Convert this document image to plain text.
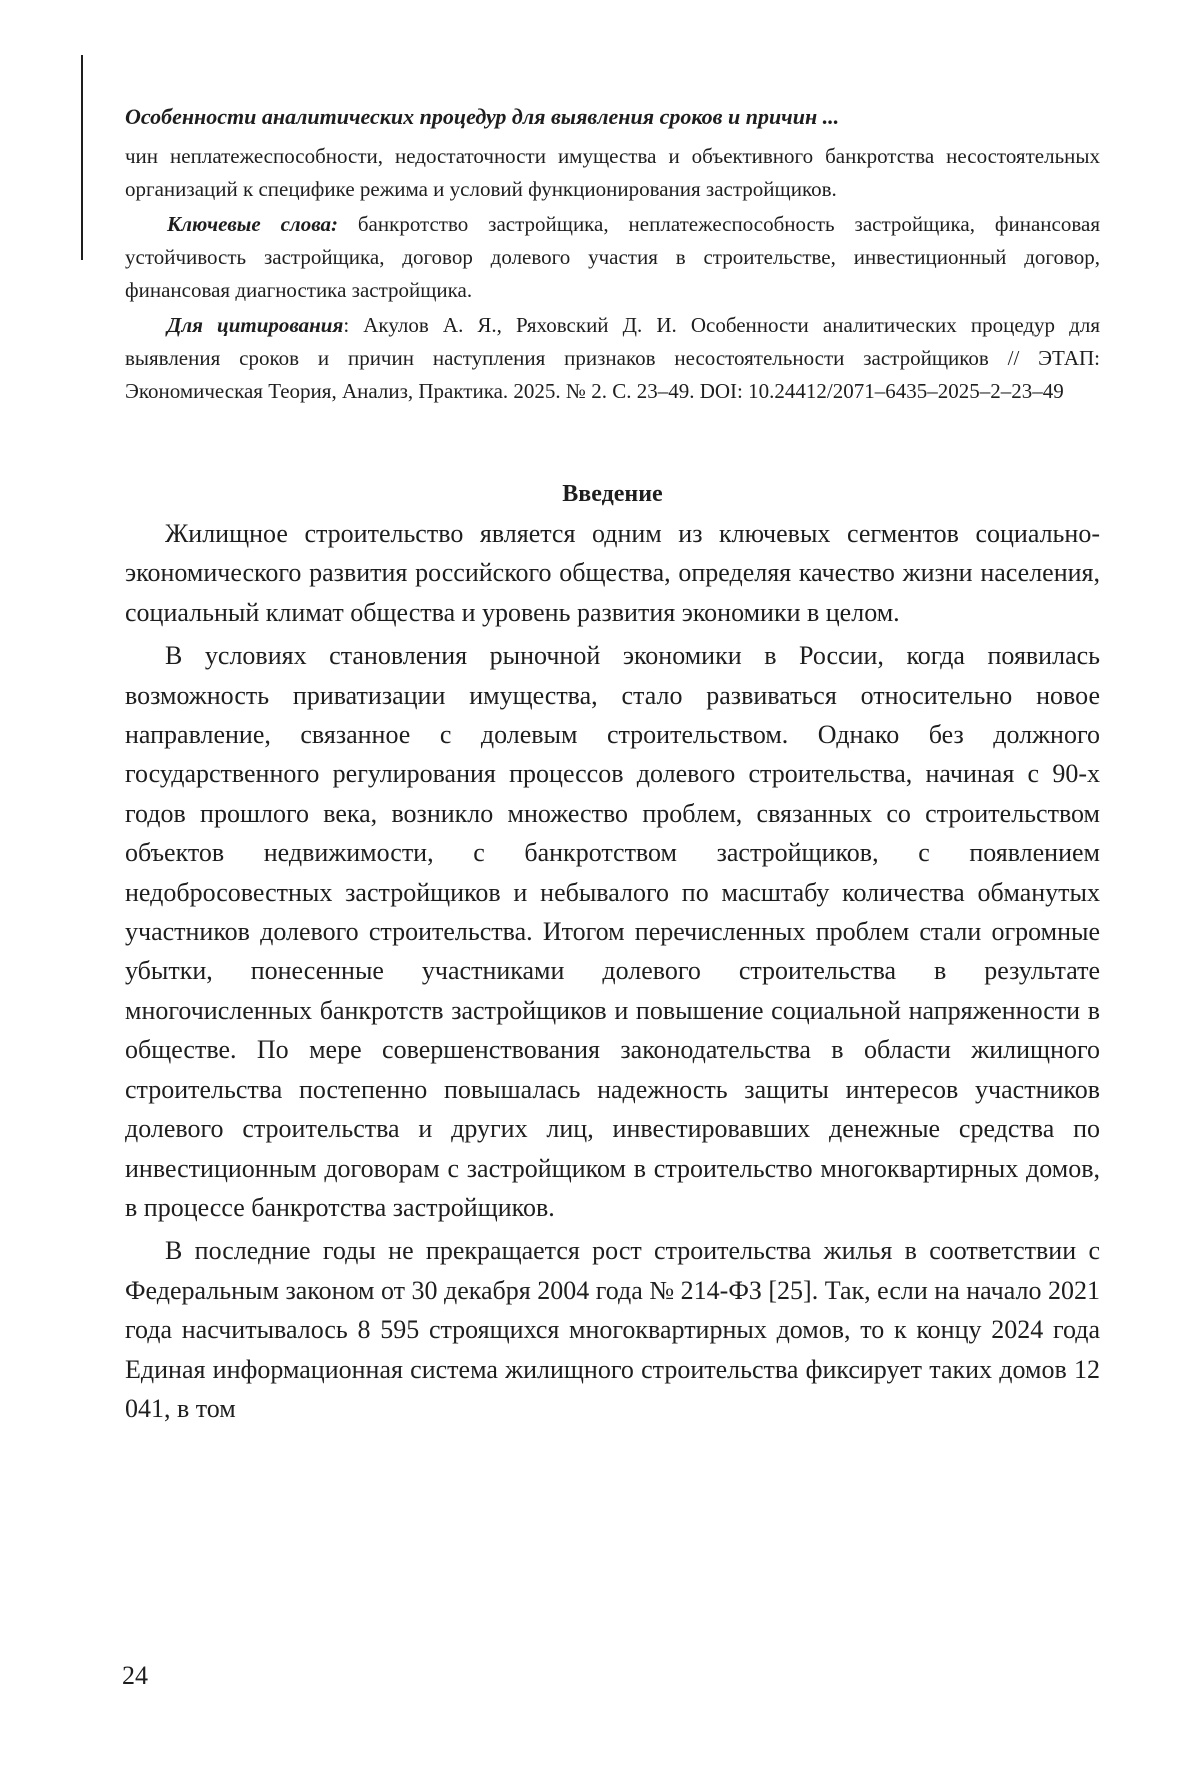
Особенности аналитических процедур для выявления сроков и причин ...

чин неплатежеспособности, недостаточности имущества и объективного банкротства несостоятельных организаций к специфике режима и условий функционирования застройщиков.

Ключевые слова: банкротство застройщика, неплатежеспособность застройщика, финансовая устойчивость застройщика, договор долевого участия в строительстве, инвестиционный договор, финансовая диагностика застройщика.

Для цитирования: Акулов А. Я., Ряховский Д. И. Особенности аналитических процедур для выявления сроков и причин наступления признаков несостоятельности застройщиков // ЭТАП: Экономическая Теория, Анализ, Практика. 2025. № 2. С. 23–49. DOI: 10.24412/2071–6435–2025–2–23–49

Введение

Жилищное строительство является одним из ключевых сегментов социально-экономического развития российского общества, определяя качество жизни населения, социальный климат общества и уровень развития экономики в целом.

В условиях становления рыночной экономики в России, когда появилась возможность приватизации имущества, стало развиваться относительно новое направление, связанное с долевым строительством. Однако без должного государственного регулирования процессов долевого строительства, начиная с 90-х годов прошлого века, возникло множество проблем, связанных со строительством объектов недвижимости, с банкротством застройщиков, с появлением недобросовестных застройщиков и небывалого по масштабу количества обманутых участников долевого строительства. Итогом перечисленных проблем стали огромные убытки, понесенные участниками долевого строительства в результате многочисленных банкротств застройщиков и повышение социальной напряженности в обществе. По мере совершенствования законодательства в области жилищного строительства постепенно повышалась надежность защиты интересов участников долевого строительства и других лиц, инвестировавших денежные средства по инвестиционным договорам с застройщиком в строительство многоквартирных домов, в процессе банкротства застройщиков.

В последние годы не прекращается рост строительства жилья в соответствии с Федеральным законом от 30 декабря 2004 года № 214-ФЗ [25]. Так, если на начало 2021 года насчитывалось 8 595 строящихся многоквартирных домов, то к концу 2024 года Единая информационная система жилищного строительства фиксирует таких домов 12 041, в том

24
